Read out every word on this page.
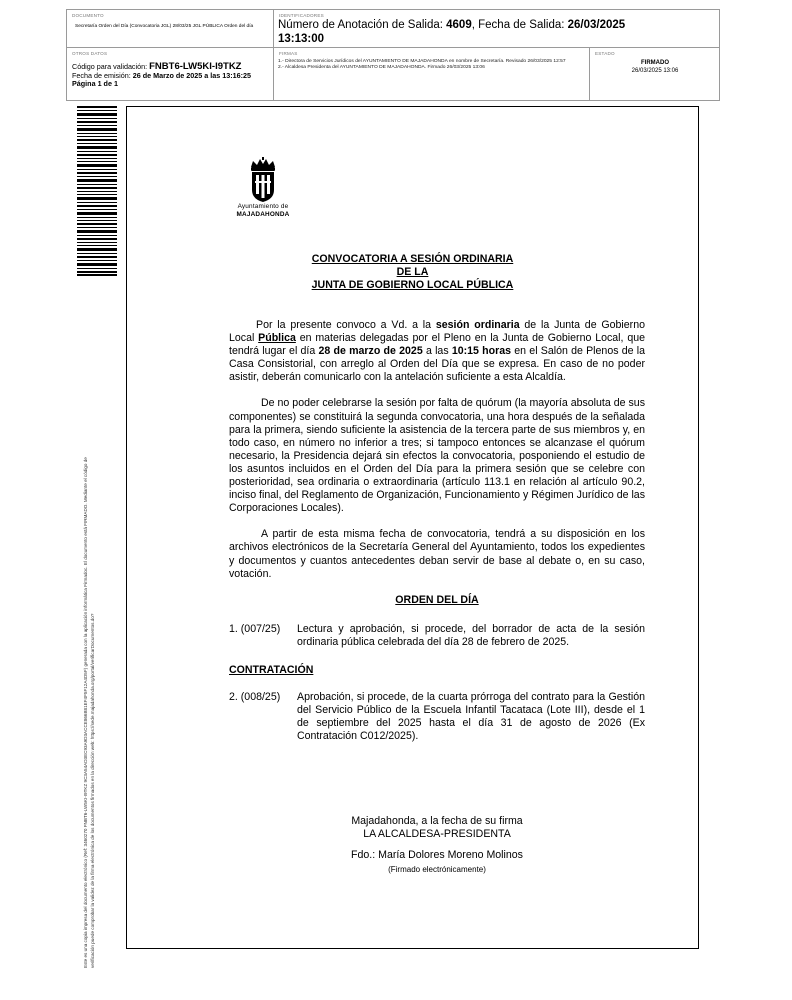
DOCUMENTO
Secretaría Orden del Día (Convocatoria JGL) 28/03/25 JGL PÚBLICA Orden del día
IDENTIFICADORES
Número de Anotación de Salida: 4609, Fecha de Salida: 26/03/2025
13:13:00
OTROS DATOS
Código para validación: FNBT6-LW5KI-I9TKZ
Fecha de emisión: 26 de Marzo de 2025 a las 13:16:25
Página 1 de 1
FIRMAS
1.- Directora de Servicios Jurídicos del AYUNTAMIENTO DE MAJADAHONDA en nombre de Secretaría. Revisado 26/03/2025 12:57
2.- Alcaldesa Presidenta del AYUNTAMIENTO DE MAJADAHONDA. Firmado 26/03/2025 13:06
ESTADO
FIRMADO
26/03/2025 13:06
Este es una copia impresa del documento electrónico (Ref: 3460270 FNBT6-LW5KI-I9TKZ 9C3A54AD3EC93A9D3ACCE866B81EF4F5F12A4D5F) generada con la aplicación informática Firmadoc. El documento está FIRMADO. Mediante el código de verificación puede comprobar la validez de la firma electrónica de los documentos firmados en la dirección web: https://sede.majadahonda.org/portal/verificarDocumentos.do?
Ayuntamiento de
MAJADAHONDA
CONVOCATORIA A SESIÓN ORDINARIA
DE LA
JUNTA DE GOBIERNO LOCAL PÚBLICA

Por la presente convoco a Vd. a la sesión ordinaria de la Junta de Gobierno Local Pública en materias delegadas por el Pleno en la Junta de Gobierno Local, que tendrá lugar el día 28 de marzo de 2025 a las 10:15 horas en el Salón de Plenos de la Casa Consistorial, con arreglo al Orden del Día que se expresa. En caso de no poder asistir, deberán comunicarlo con la antelación suficiente a esta Alcaldía.

De no poder celebrarse la sesión por falta de quórum (la mayoría absoluta de sus componentes) se constituirá la segunda convocatoria, una hora después de la señalada para la primera, siendo suficiente la asistencia de la tercera parte de sus miembros y, en todo caso, en número no inferior a tres; si tampoco entonces se alcanzase el quórum necesario, la Presidencia dejará sin efectos la convocatoria, posponiendo el estudio de los asuntos incluidos en el Orden del Día para la primera sesión que se celebre con posterioridad, sea ordinaria o extraordinaria (artículo 113.1 en relación al artículo 90.2, inciso final, del Reglamento de Organización, Funcionamiento y Régimen Jurídico de las Corporaciones Locales).

A partir de esta misma fecha de convocatoria, tendrá a su disposición en los archivos electrónicos de la Secretaría General del Ayuntamiento, todos los expedientes y documentos y cuantos antecedentes deban servir de base al debate o, en su caso, votación.

ORDEN DEL DÍA
1. (007/25)	Lectura y aprobación, si procede, del borrador de acta de la sesión ordinaria pública celebrada del día 28 de febrero de 2025.
CONTRATACIÓN
2. (008/25)	Aprobación, si procede, de la cuarta prórroga del contrato para la Gestión del Servicio Público de la Escuela Infantil Tacataca (Lote III), desde el 1 de septiembre del 2025 hasta el día 31 de agosto de 2026 (Ex Contratación C012/2025).
Majadahonda, a la fecha de su firma
LA ALCALDESA-PRESIDENTA
Fdo.: María Dolores Moreno Molinos
(Firmado electrónicamente)
